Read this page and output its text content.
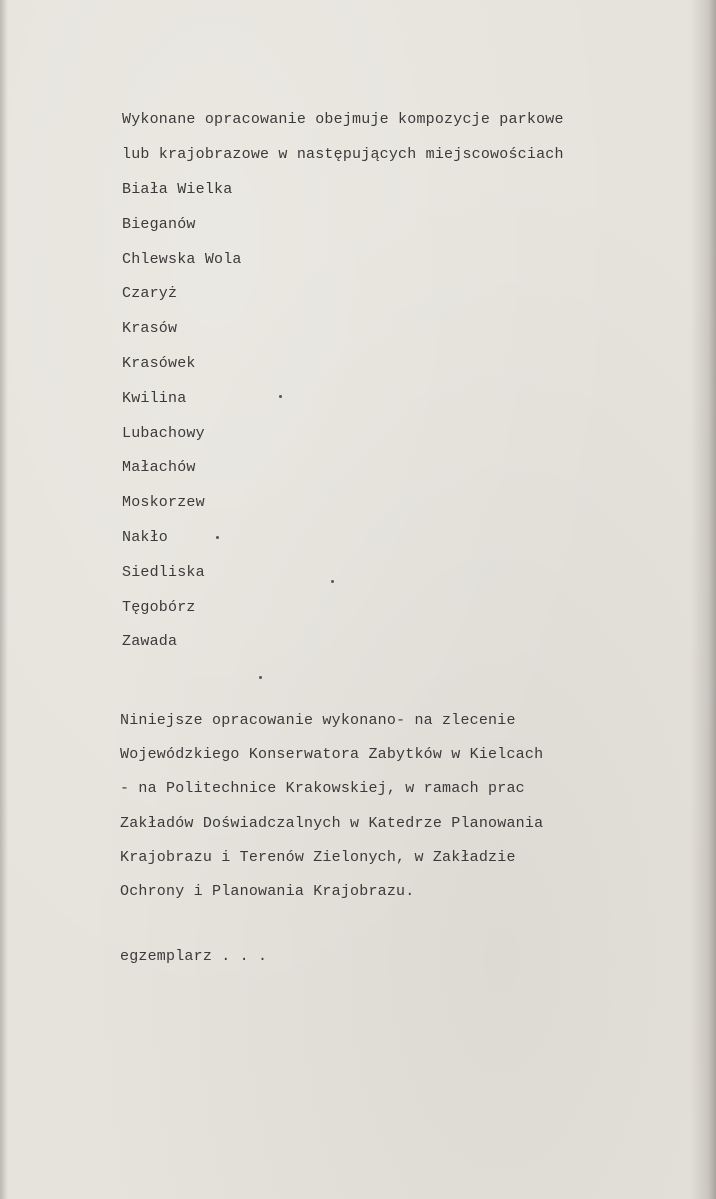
Wykonane opracowanie obejmuje kompozycje parkowe
lub krajobrazowe w następujących miejscowościach
Biała Wielka
Bieganów
Chlewska Wola
Czaryż
Krasów
Krasówek
Kwilina
Lubachowy
Małachów
Moskorzew
Nakło
Siedliska
Tęgobórz
Zawada
Niniejsze opracowanie wykonano- na zlecenie
Wojewódzkiego Konserwatora Zabytków w Kielcach
- na Politechnice Krakowskiej, w ramach prac
Zakładów Doświadczalnych w Katedrze Planowania
Krajobrazu i Terenów Zielonych, w Zakładzie
Ochrony i Planowania Krajobrazu.
egzemplarz . . .
